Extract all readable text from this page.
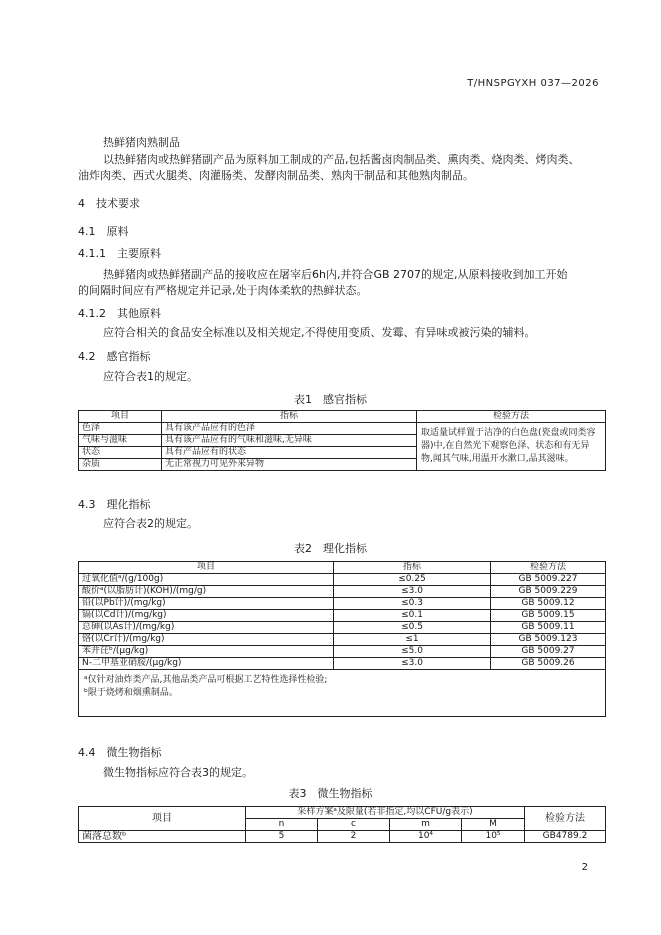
T/HNSPGYXH 037—2026
热鲜猪肉熟制品
以热鲜猪肉或热鲜猪副产品为原料加工制成的产品,包括酱卤肉制品类、熏肉类、烧肉类、烤肉类、
油炸肉类、西式火腿类、肉灌肠类、发酵肉制品类、熟肉干制品和其他熟肉制品。
4　技术要求
4.1　原料
4.1.1　主要原料
热鲜猪肉或热鲜猪副产品的接收应在屠宰后6h内,并符合GB 2707的规定,从原料接收到加工开始
的间隔时间应有严格规定并记录,处于肉体柔软的热鲜状态。
4.1.2　其他原料
应符合相关的食品安全标准以及相关规定,不得使用变质、发霉、有异味或被污染的辅料。
4.2　感官指标
应符合表1的规定。
表1　感官指标
项目	指标	检验方法
色泽	具有该产品应有的色泽	取适量试样置于洁净的白色盘(瓷盘或同类容器)中,在自然光下观察色泽、状态和有无异物,闻其气味,用温开水漱口,品其滋味。
气味与滋味	具有该产品应有的气味和滋味,无异味	
状态	具有产品应有的状态	
杂质	无正常视力可见外来异物	
4.3　理化指标
应符合表2的规定。
表2　理化指标
项目	指标	检验方法
过氧化值ᵃ/(g/100g)	≤0.25	GB 5009.227
酸价ᵃ(以脂肪计)(KOH)/(mg/g)	≤3.0	GB 5009.229
铅(以Pb计)/(mg/kg)	≤0.3	GB 5009.12
镉(以Cd计)/(mg/kg)	≤0.1	GB 5009.15
总砷(以As计)/(mg/kg)	≤0.5	GB 5009.11
铬(以Cr计)/(mg/kg)	≤1	GB 5009.123
苯并芘ᵇ/(μg/kg)	≤5.0	GB 5009.27
N-二甲基亚硝胺/(μg/kg)	≤3.0	GB 5009.26

ᵃ仅针对油炸类产品,其他品类产品可根据工艺特性选择性检验;
ᵇ限于烧烤和烟熏制品。		
4.4　微生物指标
微生物指标应符合表3的规定。
表3　微生物指标
项目	采样方案ᵃ及限量(若非指定,均以CFU/g表示)				检验方法
	n	c	m	M	
菌落总数ᵇ	5	2	10⁴	10⁵	GB4789.2
2
